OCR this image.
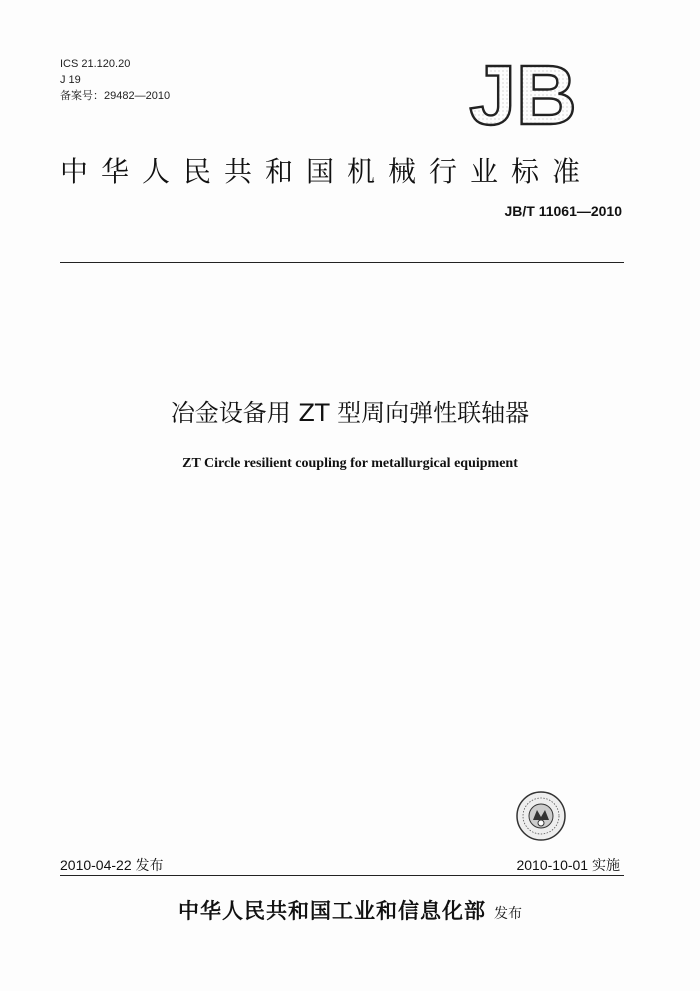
ICS 21.120.20
J 19
备案号：29482—2010	JB
中华人民共和国机械行业标准
JB/T 11061—2010
冶金设备用 ZT 型周向弹性联轴器
ZT Circle resilient coupling for metallurgical equipment
2010-04-22 发布	2010-10-01 实施
中华人民共和国工业和信息化部 发布
